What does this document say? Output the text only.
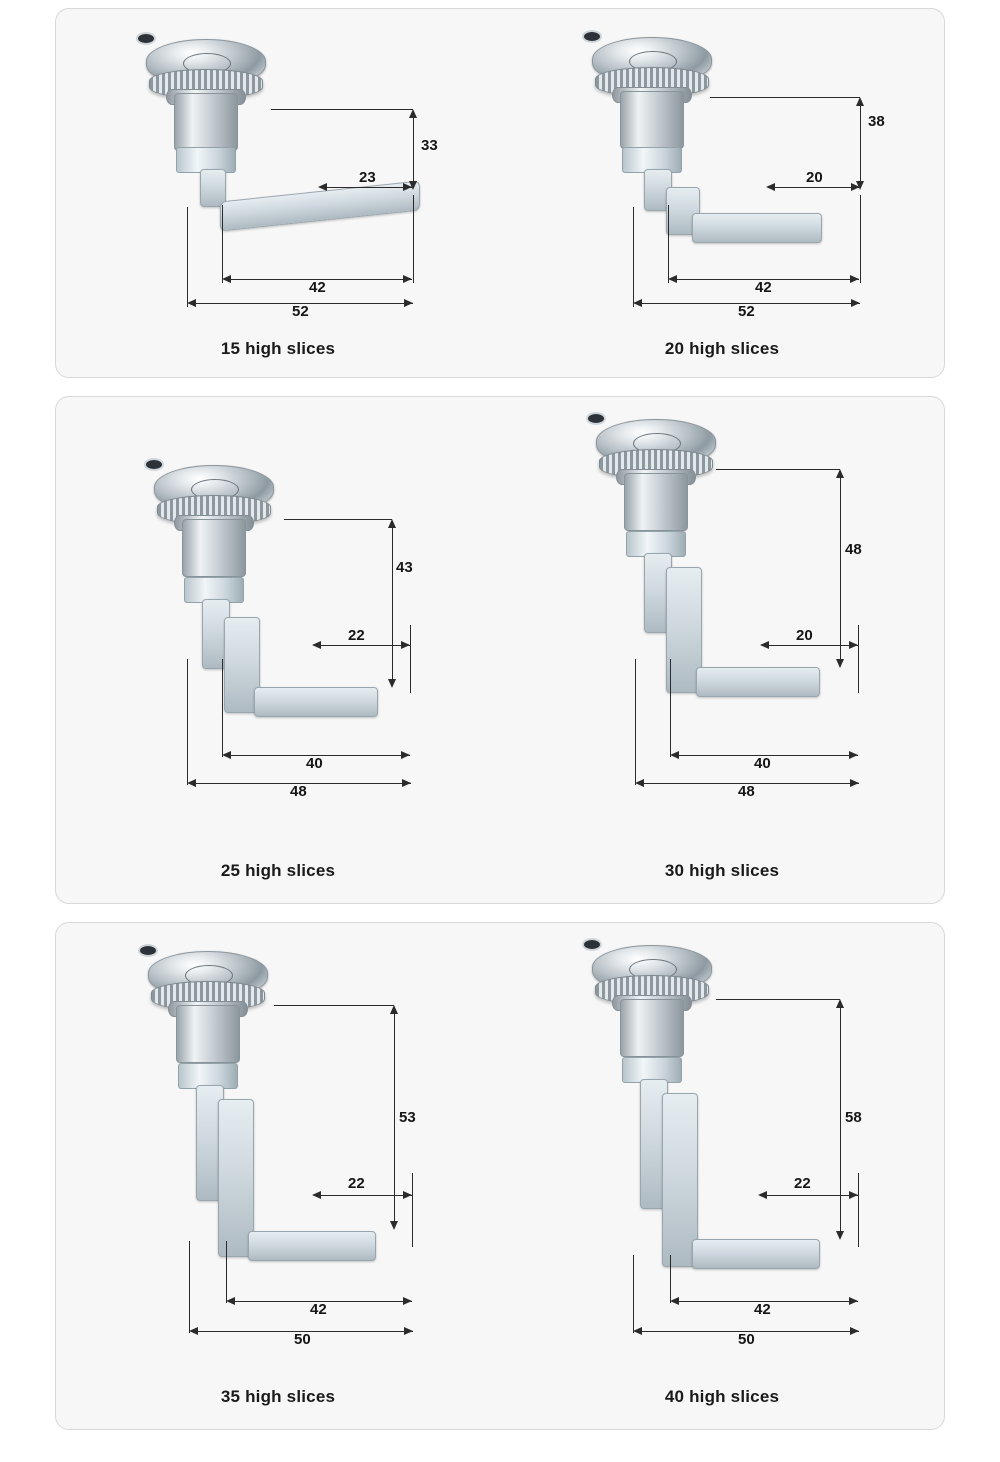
33
23
42
52
15 high slices
38
20
42
52
20 high slices
43
22
40
48
25 high slices
48
20
40
48
30 high slices
53
22
42
50
35 high slices
58
22
42
50
40 high slices
